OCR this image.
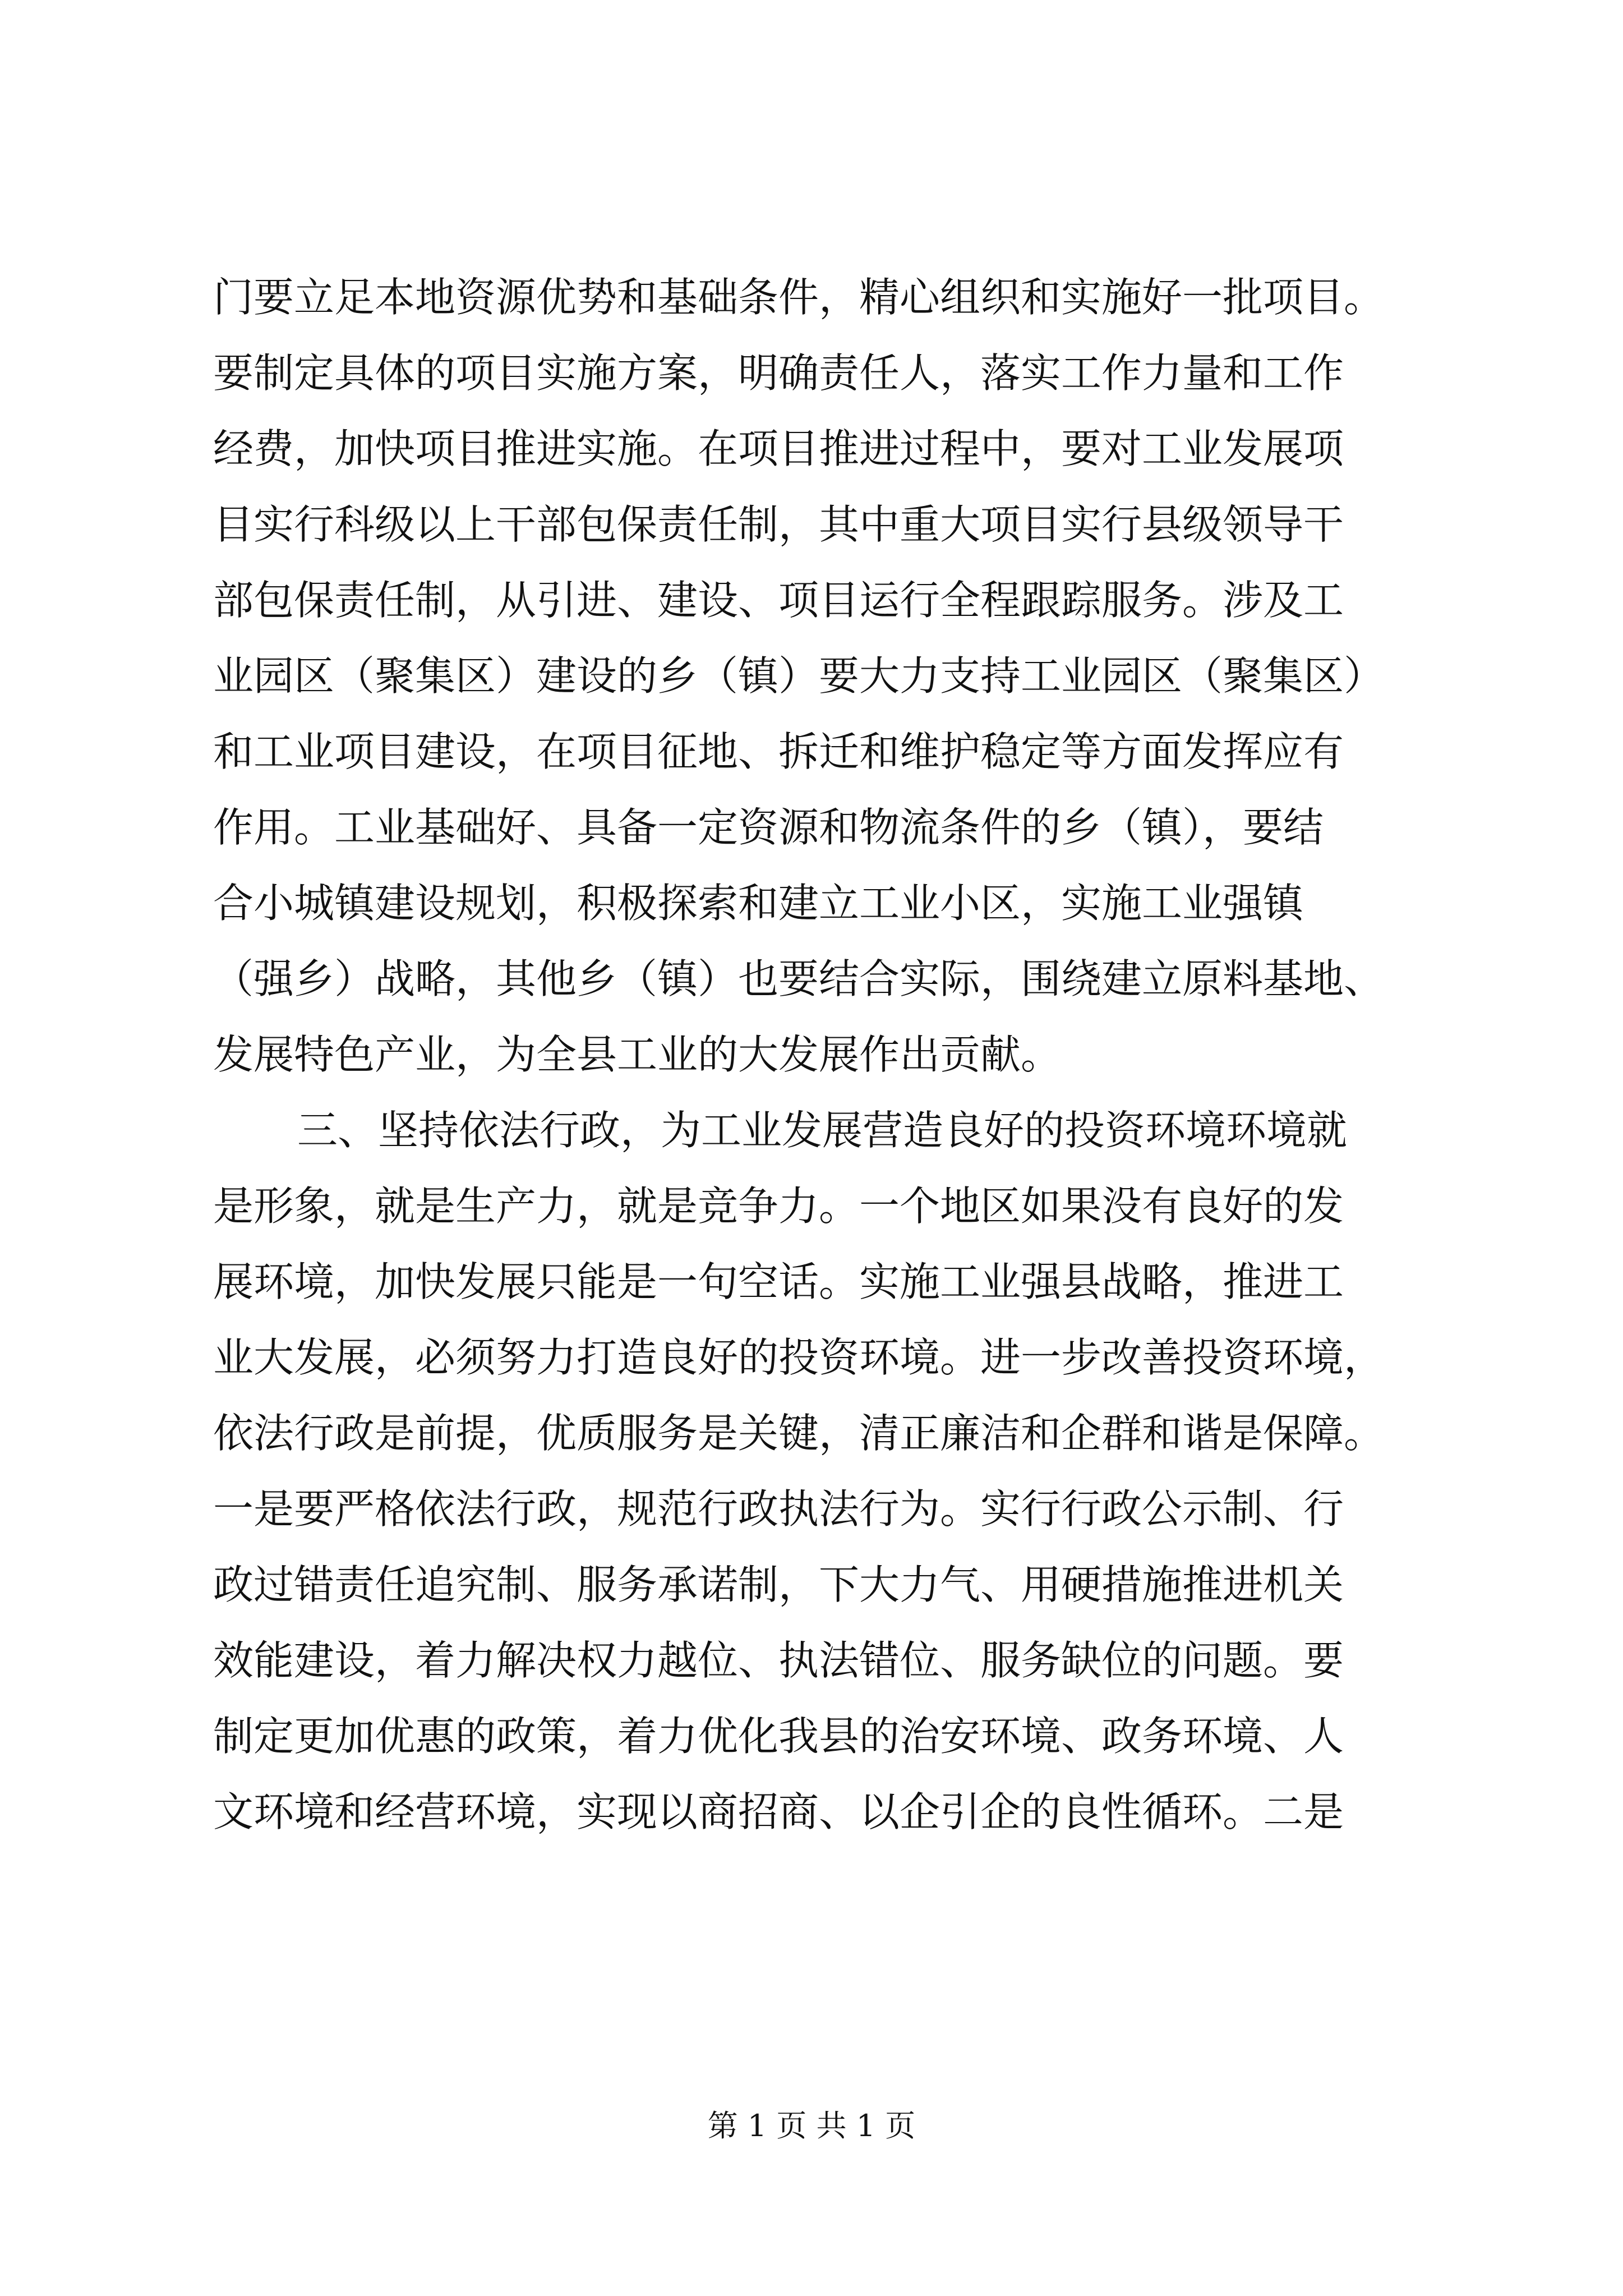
门要立足本地资源优势和基础条件，精心组织和实施好一批项目。
要制定具体的项目实施方案，明确责任人，落实工作力量和工作
经费，加快项目推进实施。在项目推进过程中，要对工业发展项
目实行科级以上干部包保责任制，其中重大项目实行县级领导干
部包保责任制，从引进、建设、项目运行全程跟踪服务。涉及工
业园区（聚集区）建设的乡（镇）要大力支持工业园区（聚集区）
和工业项目建设，在项目征地、拆迁和维护稳定等方面发挥应有
作用。工业基础好、具备一定资源和物流条件的乡（镇），要结
合小城镇建设规划，积极探索和建立工业小区，实施工业强镇
（强乡）战略，其他乡（镇）也要结合实际，围绕建立原料基地、
发展特色产业，为全县工业的大发展作出贡献。
三、坚持依法行政，为工业发展营造良好的投资环境环境就
是形象，就是生产力，就是竞争力。一个地区如果没有良好的发
展环境，加快发展只能是一句空话。实施工业强县战略，推进工
业大发展，必须努力打造良好的投资环境。进一步改善投资环境，
依法行政是前提，优质服务是关键，清正廉洁和企群和谐是保障。
一是要严格依法行政，规范行政执法行为。实行行政公示制、行
政过错责任追究制、服务承诺制，下大力气、用硬措施推进机关
效能建设，着力解决权力越位、执法错位、服务缺位的问题。要
制定更加优惠的政策，着力优化我县的治安环境、政务环境、人
文环境和经营环境，实现以商招商、以企引企的良性循环。二是
第 1 页 共 1 页
